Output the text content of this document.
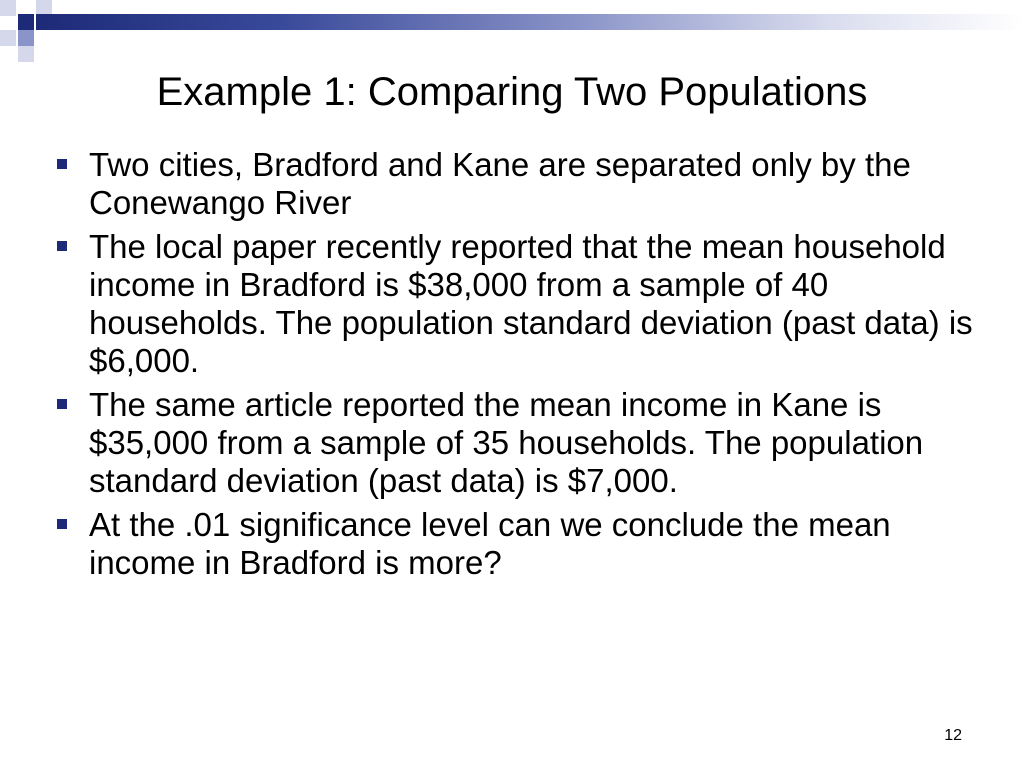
Example 1: Comparing Two Populations
Two cities, Bradford and Kane are separated only by the Conewango River
The local paper recently reported that the mean household income in Bradford is $38,000 from a sample of 40 households. The population standard deviation (past data) is $6,000.
The same article reported the mean income in Kane is $35,000 from a sample of 35 households. The population standard deviation (past data) is $7,000.
At the .01 significance level can we conclude the mean income in Bradford is more?
12
